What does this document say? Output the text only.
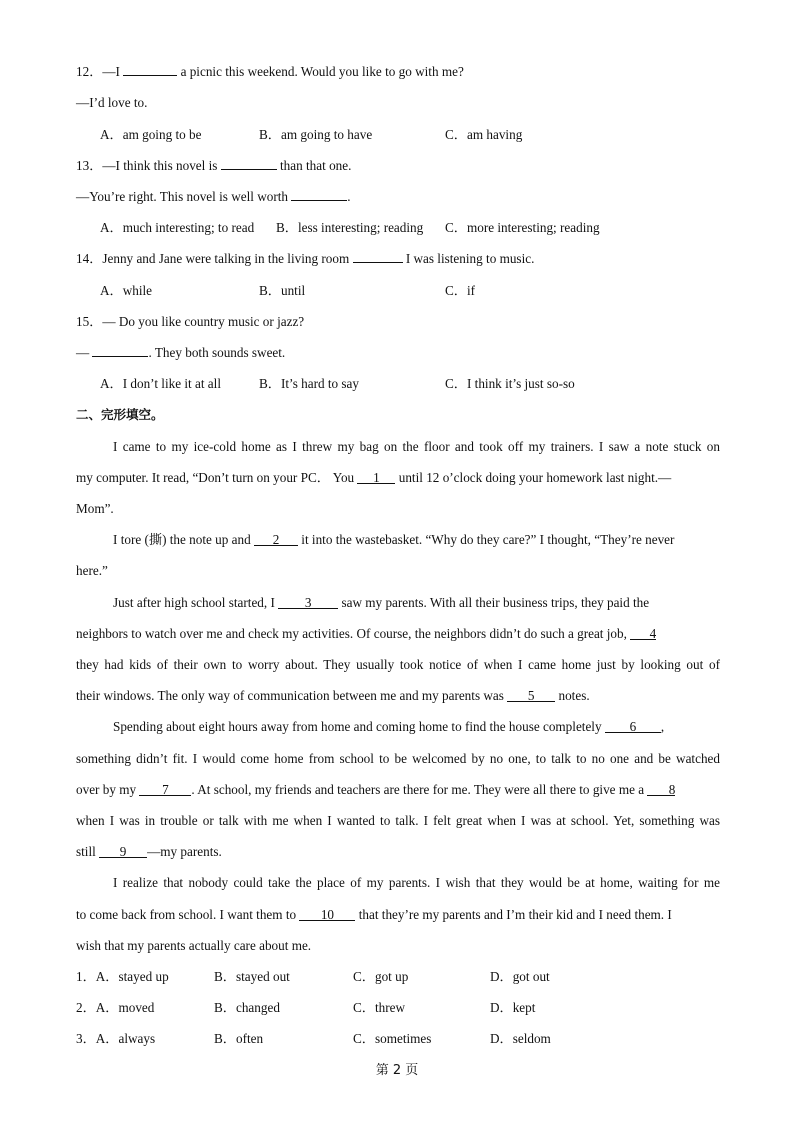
12．—I	a picnic this weekend. Would you like to go with me?
—I’d love to.
A．am going to be	B．am going to have	C．am having
13．—I think this novel is	than that one.
—You’re right. This novel is well worth	.
A．much interesting; to read B．less interesting; reading C．more interesting; reading
14．Jenny and Jane were talking in the living room	I was listening to music.
A．while	B．until	C．if
15．— Do you like country music or jazz?
—	. They both sounds sweet.
A．I don’t like it at all	B．It’s hard to say	C．I think it’s just so-so
二、完形填空。
I came to my ice-cold home as I threw my bag on the floor and took off my trainers. I saw a note stuck on
my computer. It read, “Don’t turn on your PC． You 1 until 12 o’clock doing your homework last night.—
Mom”.
I tore (撕) the note up and 2 it into the wastebasket. “Why do they care?” I thought, “They’re never
here.”
Just after high school started, I 3 saw my parents. With all their business trips, they paid the
neighbors to watch over me and check my activities. Of course, the neighbors didn’t do such a great job, 4
they had kids of their own to worry about. They usually took notice of when I came home just by looking out of
their windows. The only way of communication between me and my parents was 5 notes.
Spending about eight hours away from home and coming home to find the house completely 6 ,
something didn’t fit. I would come home from school to be welcomed by no one, to talk to no one and be watched
over by my 7 . At school, my friends and teachers are there for me. They were all there to give me a 8
when I was in trouble or talk with me when I wanted to talk. I felt great when I was at school. Yet, something was
still 9 —my parents.
I realize that nobody could take the place of my parents. I wish that they would be at home, waiting for me
to come back from school. I want them to 10 that they’re my parents and I’m their kid and I need them. I
wish that my parents actually care about me.
1．A．stayed up	B．stayed out	C．got up	D．got out
2．A．moved	B．changed	C．threw	D．kept
3．A．always	B．often	C．sometimes	D．seldom
第 2 页
